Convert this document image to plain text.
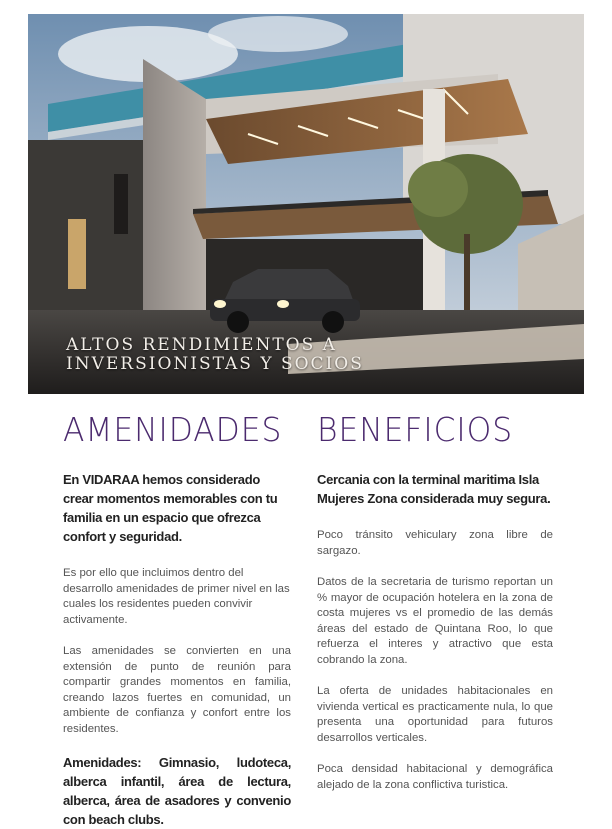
ALTOS RENDIMIENTOS A
INVERSIONISTAS Y SOCIOS
AMENIDADES BENEFICIOS

En VIDARAA hemos considerado crear momentos memorables con tu familia en un espacio que ofrezca confort y seguridad.

Es por ello que incluimos dentro del desarrollo amenidades de primer nivel en las cuales los residentes pueden convivir activamente.

Las amenidades se convierten en una extensión de punto de reunión para compartir grandes momentos en familia, creando lazos fuertes en comunidad, un ambiente de confianza y confort entre los residentes.

Amenidades: Gimnasio, ludoteca, alberca infantil, área de lectura, alberca, área de asadores y convenio con beach clubs.

Cercania con la terminal maritima Isla Mujeres Zona considerada muy segura.

Poco tránsito vehiculary zona libre de sargazo.

Datos de la secretaria de turismo reportan un % mayor de ocupación hotelera en la zona de costa mujeres vs el promedio de las demás áreas del estado de Quintana Roo, lo que refuerza el interes y atractivo que esta cobrando la zona.

La oferta de unidades habitacionales en vivienda vertical es practicamente nula, lo que presenta una oportunidad para futuros desarrollos verticales.

Poca densidad habitacional y demográfica alejado de la zona conflictiva turistica.
